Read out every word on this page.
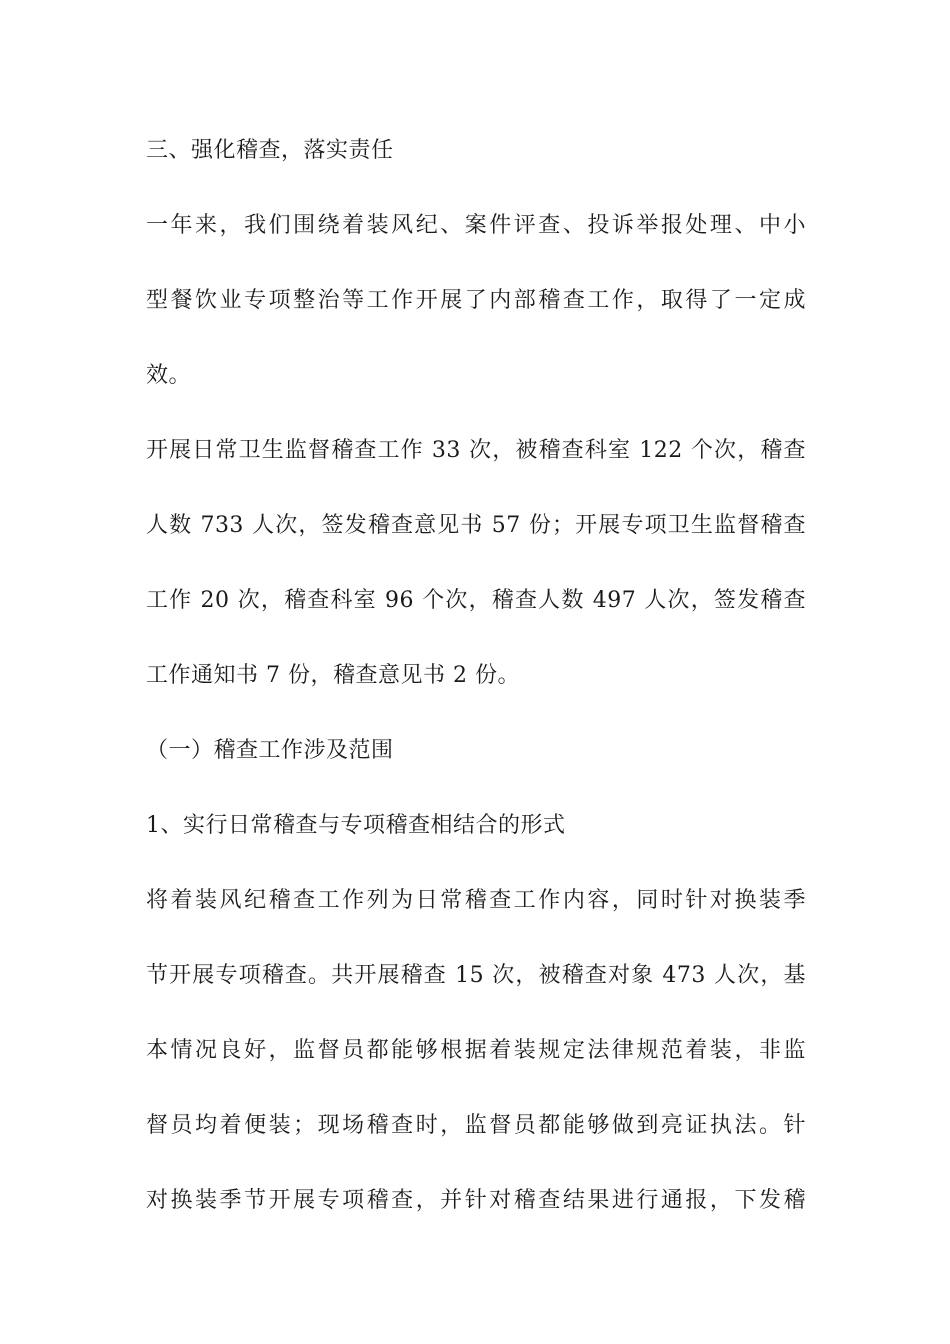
三、强化稽查，落实责任
一年来，我们围绕着装风纪、案件评查、投诉举报处理、中小
型餐饮业专项整治等工作开展了内部稽查工作，取得了一定成
效。
开展日常卫生监督稽查工作 33 次，被稽查科室 122 个次，稽查
人数 733 人次，签发稽查意见书 57 份；开展专项卫生监督稽查
工作 20 次，稽查科室 96 个次，稽查人数 497 人次，签发稽查
工作通知书 7 份，稽查意见书 2 份。
（一）稽查工作涉及范围
1、实行日常稽查与专项稽查相结合的形式
将着装风纪稽查工作列为日常稽查工作内容，同时针对换装季
节开展专项稽查。共开展稽查 15 次，被稽查对象 473 人次，基
本情况良好，监督员都能够根据着装规定法律规范着装，非监
督员均着便装；现场稽查时，监督员都能够做到亮证执法。针
对换装季节开展专项稽查，并针对稽查结果进行通报，下发稽
